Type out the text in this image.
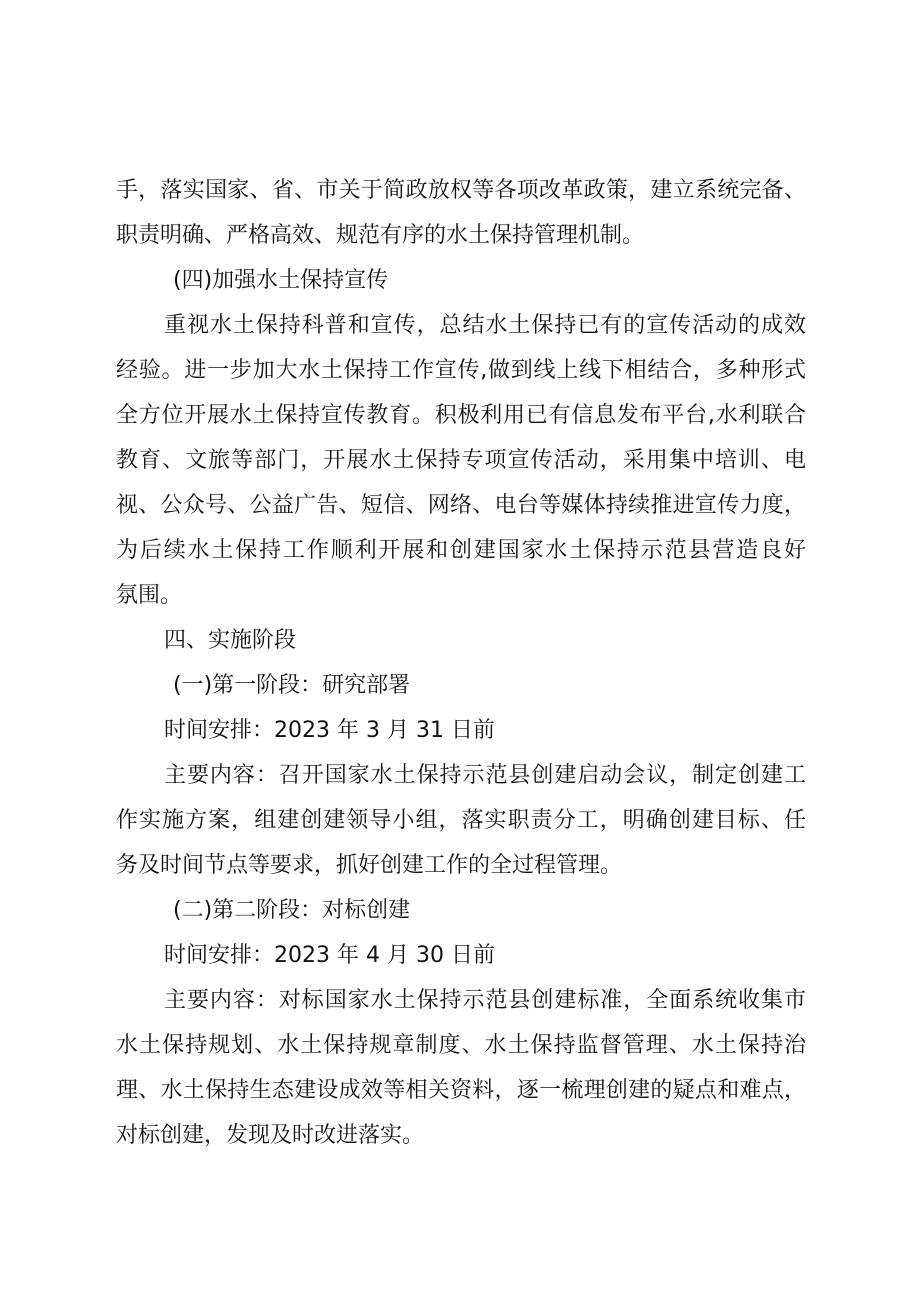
手，落实国家、省、市关于简政放权等各项改革政策，建立系统完备、
职责明确、严格高效、规范有序的水土保持管理机制。
(四)加强水土保持宣传
重视水土保持科普和宣传，总结水土保持已有的宣传活动的成效
经验。进一步加大水土保持工作宣传,做到线上线下相结合，多种形式
全方位开展水土保持宣传教育。积极利用已有信息发布平台,水利联合
教育、文旅等部门，开展水土保持专项宣传活动，采用集中培训、电
视、公众号、公益广告、短信、网络、电台等媒体持续推进宣传力度，
为后续水土保持工作顺利开展和创建国家水土保持示范县营造良好
氛围。
四、实施阶段
(一)第一阶段：研究部署
时间安排：2023 年 3 月 31 日前
主要内容：召开国家水土保持示范县创建启动会议，制定创建工
作实施方案，组建创建领导小组，落实职责分工，明确创建目标、任
务及时间节点等要求，抓好创建工作的全过程管理。
(二)第二阶段：对标创建
时间安排：2023 年 4 月 30 日前
主要内容：对标国家水土保持示范县创建标准，全面系统收集市
水土保持规划、水土保持规章制度、水土保持监督管理、水土保持治
理、水土保持生态建设成效等相关资料，逐一梳理创建的疑点和难点，
对标创建，发现及时改进落实。
